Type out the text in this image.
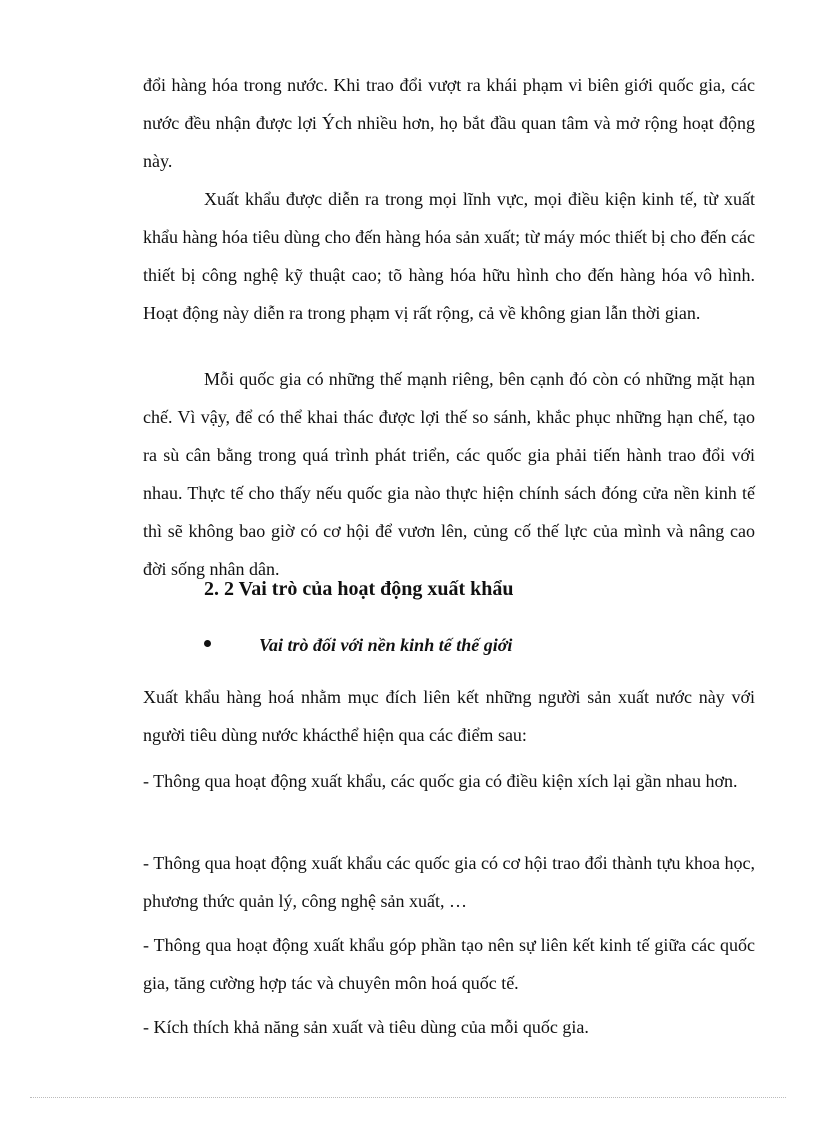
đổi hàng hóa trong nước. Khi trao đổi vượt ra khái phạm vi biên giới quốc gia, các nước đều nhận được lợi Ých nhiều hơn, họ bắt đầu quan tâm và mở rộng hoạt động này.

Xuất khẩu được diễn ra trong mọi lĩnh vực, mọi điều kiện kinh tế, từ xuất khẩu hàng hóa tiêu dùng cho đến hàng hóa sản xuất; từ máy móc thiết bị cho đến các thiết bị công nghệ kỹ thuật cao; tõ hàng hóa hữu hình cho đến hàng hóa vô hình. Hoạt động này diễn ra trong phạm vị rất rộng, cả về không gian lẫn thời gian.

Mỗi quốc gia có những thế mạnh riêng, bên cạnh đó còn có những mặt hạn chế. Vì vậy, để có thể khai thác được lợi thế so sánh, khắc phục những hạn chế, tạo ra sù cân bằng trong quá trình phát triển, các quốc gia phải tiến hành trao đổi với nhau. Thực tế cho thấy nếu quốc gia nào thực hiện chính sách đóng cửa nền kinh tế thì sẽ không bao giờ có cơ hội để vươn lên, củng cố thế lực của mình và nâng cao đời sống nhân dân.

2. 2 Vai trò của hoạt động xuất khẩu
Vai trò đối với nền kinh tế thế giới

Xuất khẩu hàng hoá nhằm mục đích liên kết những người sản xuất nước này với người tiêu dùng nước khácthể hiện qua các điểm sau:

- Thông qua hoạt động xuất khẩu, các quốc gia có điều kiện xích lại gần nhau hơn.

- Thông qua hoạt động xuất khẩu các quốc gia có cơ hội trao đổi thành tựu khoa học, phương thức quản lý, công nghệ sản xuất, …

- Thông qua hoạt động xuất khẩu góp phần tạo nên sự liên kết kinh tế giữa các quốc gia, tăng cường hợp tác và chuyên môn hoá quốc tế.

- Kích thích khả năng sản xuất và tiêu dùng của mỗi quốc gia.
